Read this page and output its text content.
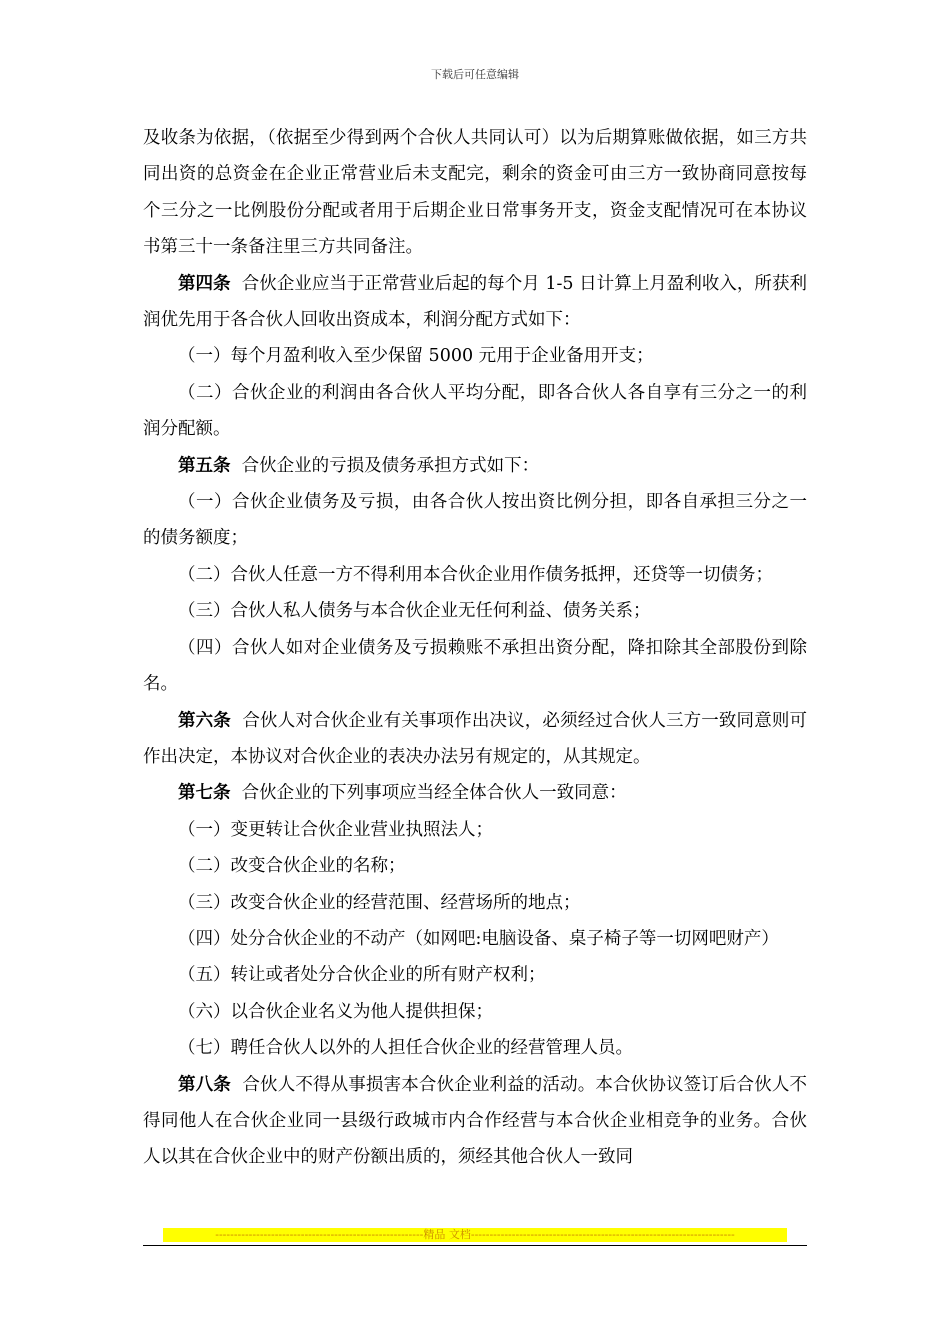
下载后可任意编辑

及收条为依据，（依据至少得到两个合伙人共同认可）以为后期算账做依据，如三方共同出资的总资金在企业正常营业后未支配完，剩余的资金可由三方一致协商同意按每个三分之一比例股份分配或者用于后期企业日常事务开支，资金支配情况可在本协议书第三十一条备注里三方共同备注。

第四条 合伙企业应当于正常营业后起的每个月 1-5 日计算上月盈利收入，所获利润优先用于各合伙人回收出资成本，利润分配方式如下：

（一）每个月盈利收入至少保留 5000 元用于企业备用开支；

（二）合伙企业的利润由各合伙人平均分配，即各合伙人各自享有三分之一的利润分配额。

第五条 合伙企业的亏损及债务承担方式如下：

（一）合伙企业债务及亏损，由各合伙人按出资比例分担，即各自承担三分之一的债务额度；

（二）合伙人任意一方不得利用本合伙企业用作债务抵押，还贷等一切债务；

（三）合伙人私人债务与本合伙企业无任何利益、债务关系；

（四）合伙人如对企业债务及亏损赖账不承担出资分配，降扣除其全部股份到除名。

第六条 合伙人对合伙企业有关事项作出决议，必须经过合伙人三方一致同意则可作出决定，本协议对合伙企业的表决办法另有规定的，从其规定。

第七条 合伙企业的下列事项应当经全体合伙人一致同意：

（一）变更转让合伙企业营业执照法人；

（二）改变合伙企业的名称；

（三）改变合伙企业的经营范围、经营场所的地点；

（四）处分合伙企业的不动产（如网吧:电脑设备、桌子椅子等一切网吧财产）

（五）转让或者处分合伙企业的所有财产权利；

（六）以合伙企业名义为他人提供担保；

（七）聘任合伙人以外的人担任合伙企业的经营管理人员。

第八条 合伙人不得从事损害本合伙企业利益的活动。本合伙协议签订后合伙人不得同他人在合伙企业同一县级行政城市内合作经营与本合伙企业相竞争的业务。合伙人以其在合伙企业中的财产份额出质的，须经其他合伙人一致同

--------------------------------------------------------精品 文档-----------------------------------------------------------------------
